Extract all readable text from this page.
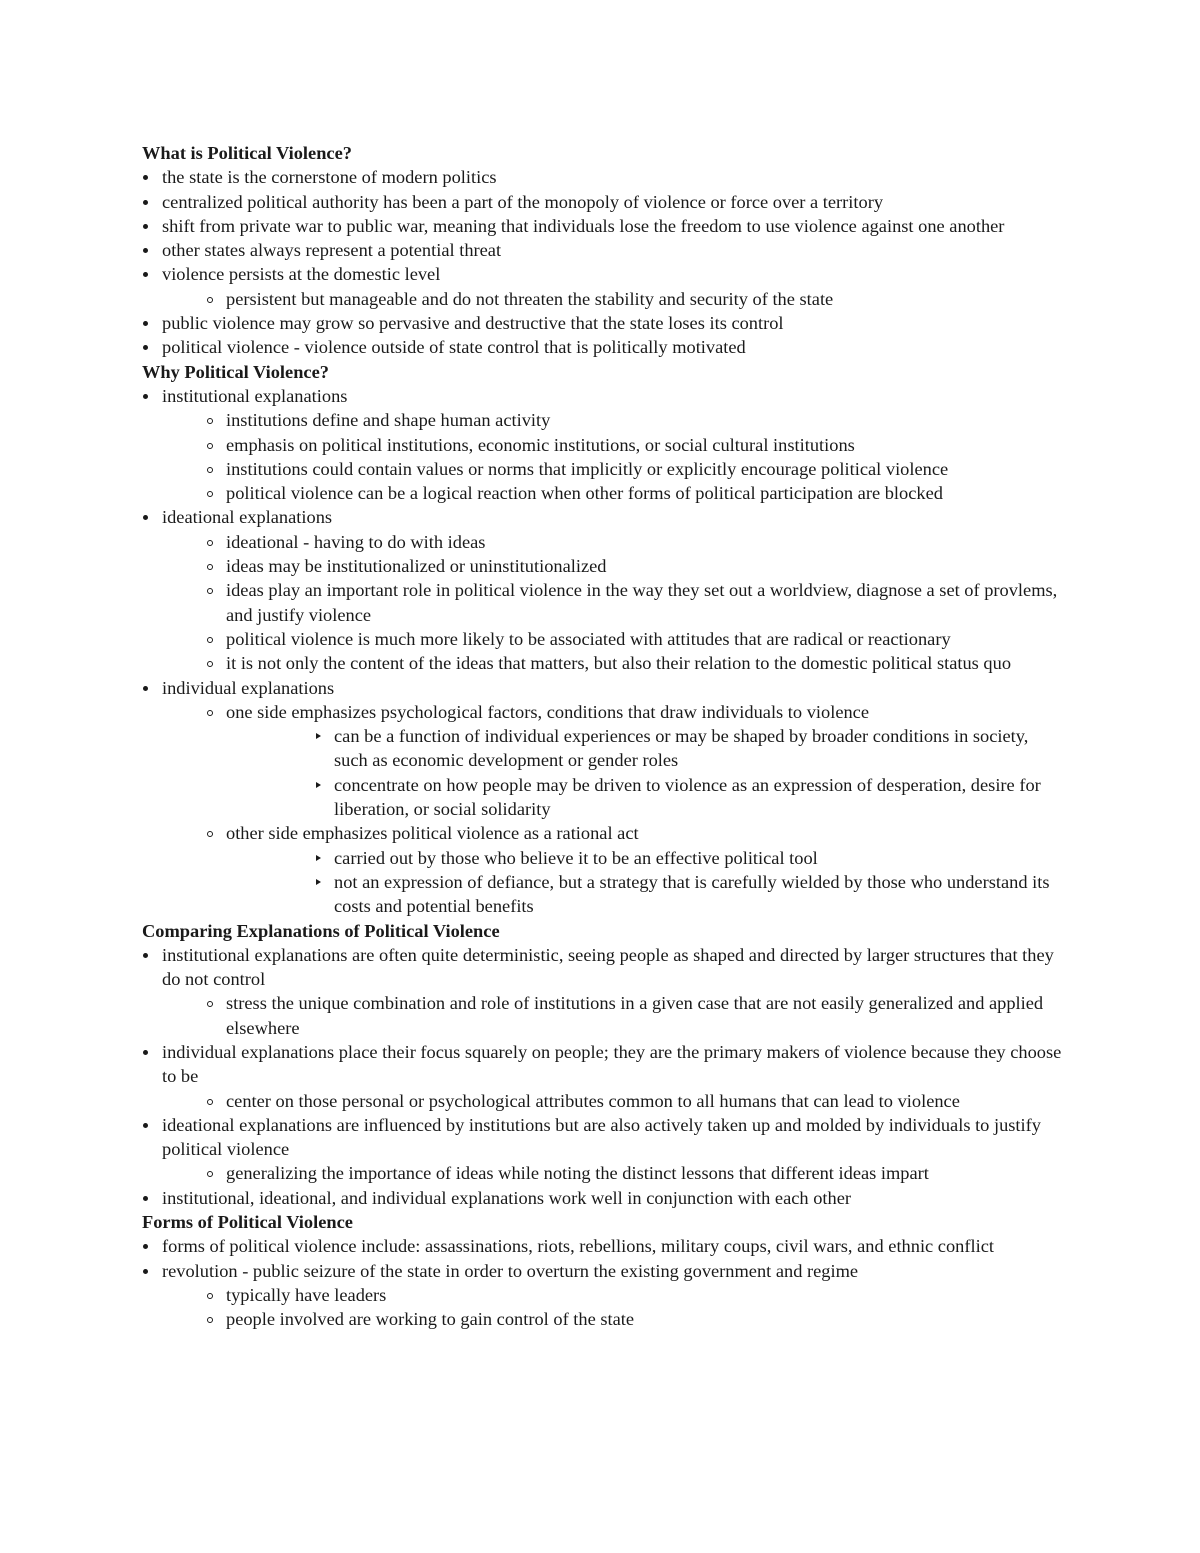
What is Political Violence?
the state is the cornerstone of modern politics
centralized political authority has been a part of the monopoly of violence or force over a territory
shift from private war to public war, meaning that individuals lose the freedom to use violence against one another
other states always represent a potential threat
violence persists at the domestic level
persistent but manageable and do not threaten the stability and security of the state
public violence may grow so pervasive and destructive that the state loses its control
political violence - violence outside of state control that is politically motivated
Why Political Violence?
institutional explanations
institutions define and shape human activity
emphasis on political institutions, economic institutions, or social cultural institutions
institutions could contain values or norms that implicitly or explicitly encourage political violence
political violence can be a logical reaction when other forms of political participation are blocked
ideational explanations
ideational - having to do with ideas
ideas may be institutionalized or uninstitutionalized
ideas play an important role in political violence in the way they set out a worldview, diagnose a set of provlems, and justify violence
political violence is much more likely to be associated with attitudes that are radical or reactionary
it is not only the content of the ideas that matters, but also their relation to the domestic political status quo
individual explanations
one side emphasizes psychological factors, conditions that draw individuals to violence
can be a function of individual experiences or may be shaped by broader conditions in society, such as economic development or gender roles
concentrate on how people may be driven to violence as an expression of desperation, desire for liberation, or social solidarity
other side emphasizes political violence as a rational act
carried out by those who believe it to be an effective political tool
not an expression of defiance, but a strategy that is carefully wielded by those who understand its costs and potential benefits
Comparing Explanations of Political Violence
institutional explanations are often quite deterministic, seeing people as shaped and directed by larger structures that they do not control
stress the unique combination and role of institutions in a given case that are not easily generalized and applied elsewhere
individual explanations place their focus squarely on people; they are the primary makers of violence because they choose to be
center on those personal or psychological attributes common to all humans that can lead to violence
ideational explanations are influenced by institutions but are also actively taken up and molded by individuals to justify political violence
generalizing the importance of ideas while noting the distinct lessons that different ideas impart
institutional, ideational, and individual explanations work well in conjunction with each other
Forms of Political Violence
forms of political violence include: assassinations, riots, rebellions, military coups, civil wars, and ethnic conflict
revolution - public seizure of the state in order to overturn the existing government and regime
typically have leaders
people involved are working to gain control of the state
